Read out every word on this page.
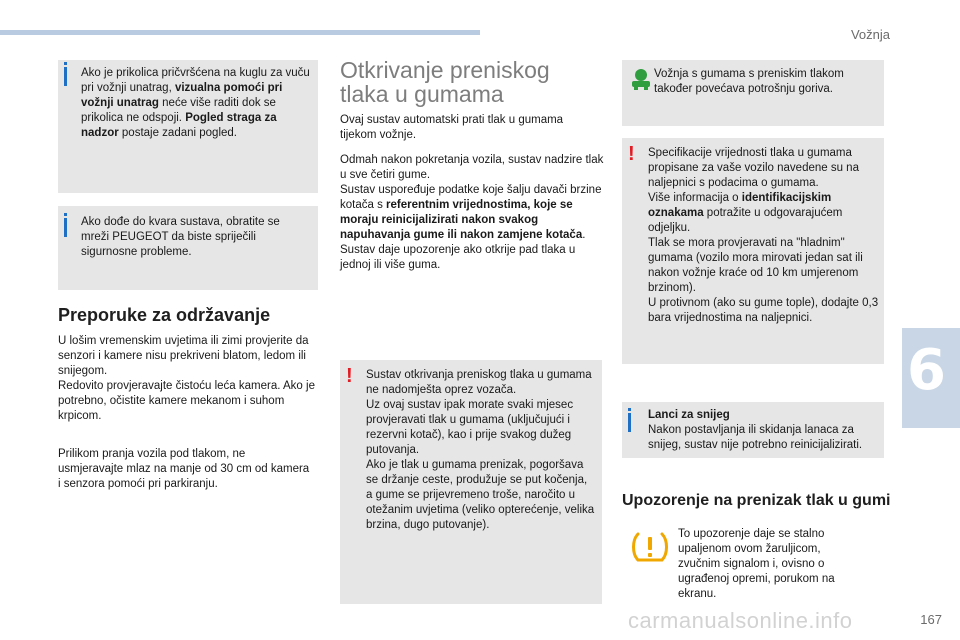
Vožnja
Ako je prikolica pričvršćena na kuglu za vuču pri vožnji unatrag, vizualna pomoći pri vožnji unatrag neće više raditi dok se prikolica ne odspoji. Pogled straga za nadzor postaje zadani pogled.
Ako dođe do kvara sustava, obratite se mreži PEUGEOT da biste spriječili sigurnosne probleme.
Preporuke za održavanje
U lošim vremenskim uvjetima ili zimi provjerite da senzori i kamere nisu prekriveni blatom, ledom ili snijegom.
Redovito provjeravajte čistoću leća kamera. Ako je potrebno, očistite kamere mekanom i suhom krpicom.
Prilikom pranja vozila pod tlakom, ne usmjeravajte mlaz na manje od 30 cm od kamera i senzora pomoći pri parkiranju.
Otkrivanje preniskog tlaka u gumama
Ovaj sustav automatski prati tlak u gumama tijekom vožnje.
Odmah nakon pokretanja vozila, sustav nadzire tlak u sve četiri gume.
Sustav uspoređuje podatke koje šalju davači brzine kotača s referentnim vrijednostima, koje se moraju reinicijalizirati nakon svakog napuhavanja gume ili nakon zamjene kotača.
Sustav daje upozorenje ako otkrije pad tlaka u jednoj ili više guma.
! Sustav otkrivanja preniskog tlaka u gumama ne nadomješta oprez vozača.
Uz ovaj sustav ipak morate svaki mjesec provjeravati tlak u gumama (uključujući i rezervni kotač), kao i prije svakog dužeg putovanja.
Ako je tlak u gumama prenizak, pogoršava se držanje ceste, produžuje se put kočenja, a gume se prijevremeno troše, naročito u otežanim uvjetima (veliko opterećenje, velika brzina, dugo putovanje).
Vožnja s gumama s preniskim tlakom također povećava potrošnju goriva.
! Specifikacije vrijednosti tlaka u gumama propisane za vaše vozilo navedene su na naljepnici s podacima o gumama.
Više informacija o identifikacijskim oznakama potražite u odgovarajućem odjeljku.
Tlak se mora provjeravati na "hladnim" gumama (vozilo mora mirovati jedan sat ili nakon vožnje kraće od 10 km umjerenom brzinom).
U protivnom (ako su gume tople), dodajte 0,3 bara vrijednostima na naljepnici.
Lanci za snijeg
Nakon postavljanja ili skidanja lanaca za snijeg, sustav nije potrebno reinicijalizirati.
Upozorenje na prenizak tlak u gumi
To upozorenje daje se stalno upaljenom ovom žaruljicom, zvučnim signalom i, ovisno o ugrađenoj opremi, porukom na ekranu.
6
carmanualsonline.info	167
